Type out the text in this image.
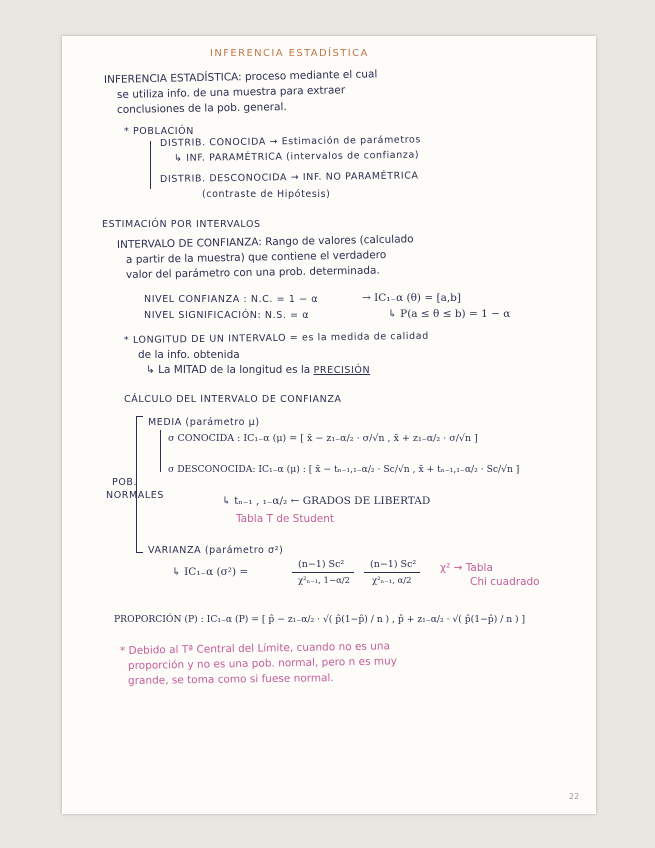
INFERENCIA ESTADÍSTICA
INFERENCIA ESTADÍSTICA: proceso mediante el cual
se utiliza info. de una muestra para extraer
conclusiones de la pob. general.
* POBLACIÓN
DISTRIB. CONOCIDA → Estimación de parámetros
↳ INF. PARAMÉTRICA (intervalos de confianza)
DISTRIB. DESCONOCIDA → INF. NO PARAMÉTRICA
(contraste de Hipótesis)
ESTIMACIÓN POR INTERVALOS
INTERVALO DE CONFIANZA: Rango de valores (calculado
a partir de la muestra) que contiene el verdadero
valor del parámetro con una prob. determinada.
NIVEL CONFIANZA : N.C. = 1 − α
NIVEL SIGNIFICACIÓN: N.S. = α
→ IC₁₋α (θ) = [a,b]
↳ P(a ≤ θ ≤ b) = 1 − α
* LONGITUD DE UN INTERVALO = es la medida de calidad
de la info. obtenida
↳ La MITAD de la longitud es la PRECISIÓN
CÁLCULO DEL INTERVALO DE CONFIANZA
POB.
NORMALES
MEDIA (parámetro μ)
σ CONOCIDA : IC₁₋α (μ) = [ x̄ − z₁₋α/₂ · σ/√n , x̄ + z₁₋α/₂ · σ/√n ]
σ DESCONOCIDA: IC₁₋α (μ) : [ x̄ − tₙ₋₁,₁₋α/₂ · Sc/√n , x̄ + tₙ₋₁,₁₋α/₂ · Sc/√n ]
↳ tₙ₋₁ , ₁₋α/₂ ← GRADOS DE LIBERTAD
Tabla T de Student
VARIANZA (parámetro σ²)
↳ IC₁₋α (σ²) =
(n−1) Sc²
χ²ₙ₋₁, 1−α/2
(n−1) Sc²
χ²ₙ₋₁, α/2
χ² → Tabla
Chi cuadrado
PROPORCIÓN (P) : IC₁₋α (P) = [ p̂ − z₁₋α/₂ · √( p̂(1−p̂) / n ) , p̂ + z₁₋α/₂ · √( p̂(1−p̂) / n ) ]
* Debido al Tª Central del Límite, cuando no es una
proporción y no es una pob. normal, pero n es muy
grande, se toma como si fuese normal.
22
